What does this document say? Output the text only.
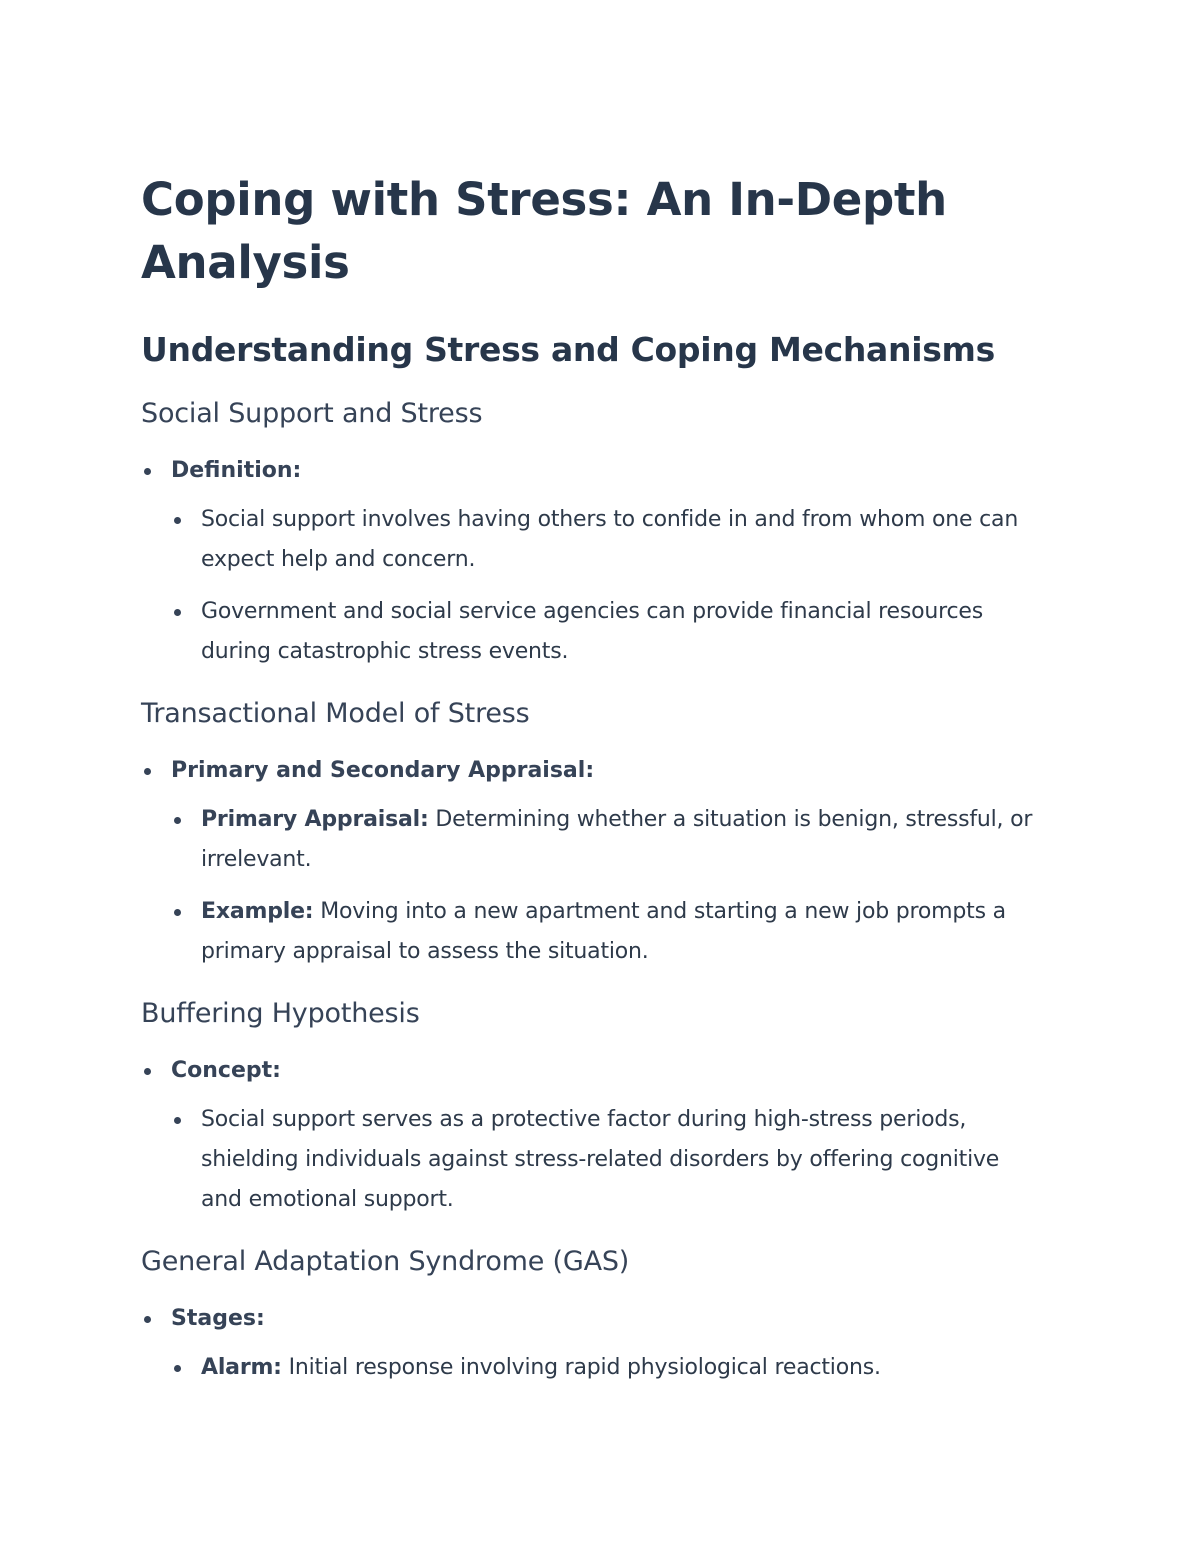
Coping with Stress: An In-Depth Analysis
Understanding Stress and Coping Mechanisms
Social Support and Stress
Definition:
Social support involves having others to confide in and from whom one can expect help and concern.
Government and social service agencies can provide financial resources during catastrophic stress events.
Transactional Model of Stress
Primary and Secondary Appraisal:
Primary Appraisal: Determining whether a situation is benign, stressful, or irrelevant.
Example: Moving into a new apartment and starting a new job prompts a primary appraisal to assess the situation.
Buffering Hypothesis
Concept:
Social support serves as a protective factor during high-stress periods, shielding individuals against stress-related disorders by offering cognitive and emotional support.
General Adaptation Syndrome (GAS)
Stages:
Alarm: Initial response involving rapid physiological reactions.
